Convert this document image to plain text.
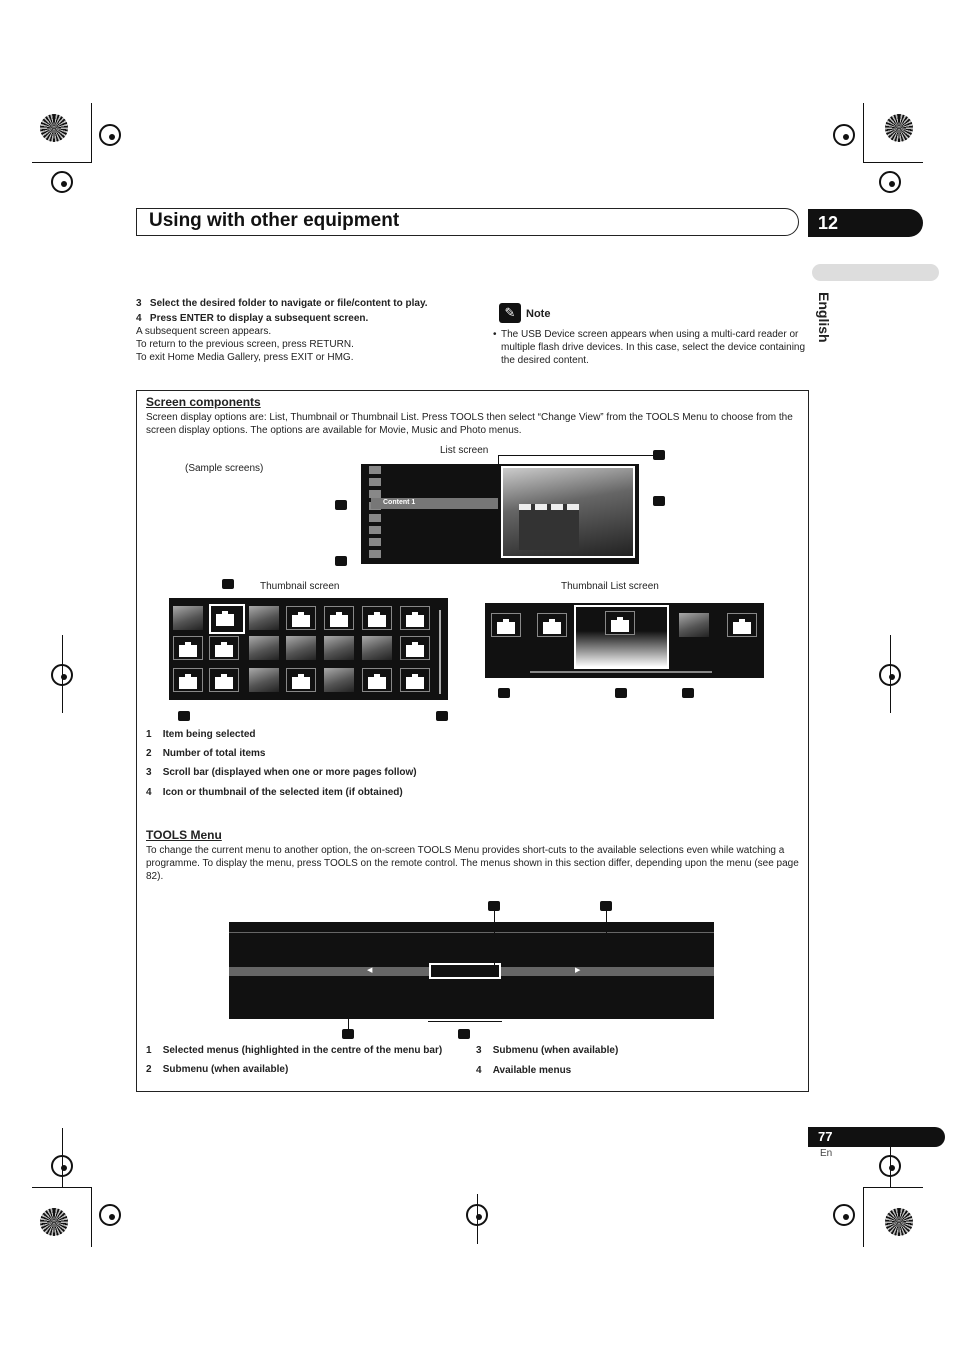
Using with other equipment	12
English
3 Select the desired folder to navigate or file/content to play.
4 Press ENTER to display a subsequent screen.
A subsequent screen appears.
To return to the previous screen, press RETURN.
To exit Home Media Gallery, press EXIT or HMG.
✎ Note
• The USB Device screen appears when using a multi-card reader or multiple flash drive devices. In this case, select the device containing the desired content.
Screen components
Screen display options are: List, Thumbnail or Thumbnail List. Press TOOLS then select “Change View” from the TOOLS Menu to choose from the screen display options. The options are available for Movie, Music and Photo menus.
(Sample screens)
List screen
Thumbnail screen	Thumbnail List screen
Content 1
1 Item being selected
2 Number of total items
3 Scroll bar (displayed when one or more pages follow)
4 Icon or thumbnail of the selected item (if obtained)
TOOLS Menu
To change the current menu to another option, the on-screen TOOLS Menu provides short-cuts to the available selections even while watching a programme. To display the menu, press TOOLS on the remote control. The menus shown in this section differ, depending upon the menu (see page 82).
◀	▶
1 Selected menus (highlighted in the centre of the menu bar)
2 Submenu (when available)
3 Submenu (when available)
4 Available menus
77
En
